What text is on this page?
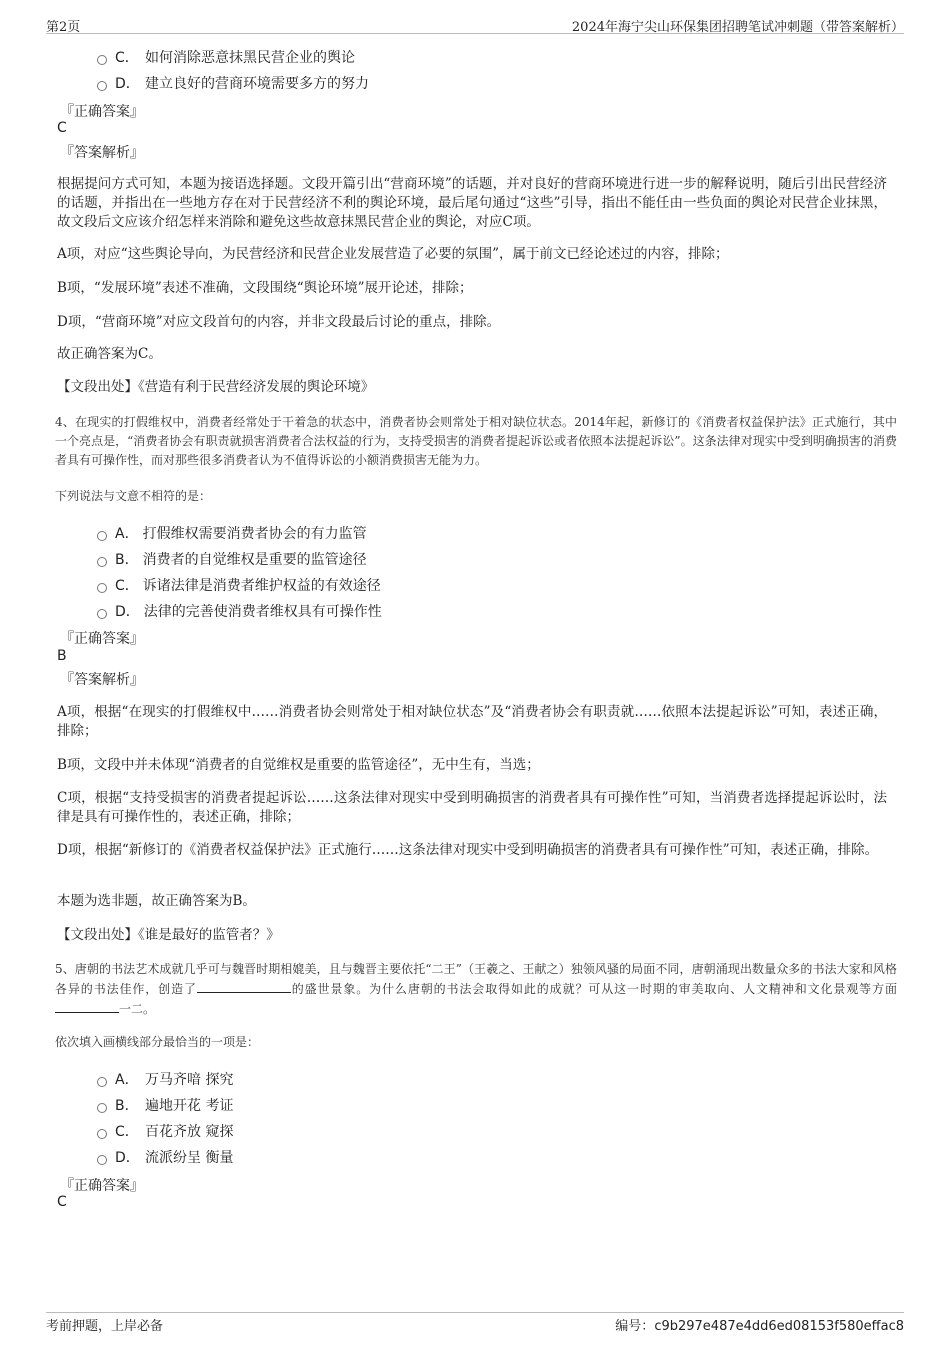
第2页	2024年海宁尖山环保集团招聘笔试冲刺题（带答案解析）
C． 如何消除恶意抹黑民营企业的舆论
D． 建立良好的营商环境需要多方的努力
『正确答案』
C
『答案解析』
根据提问方式可知，本题为接语选择题。文段开篇引出“营商环境”的话题，并对良好的营商环境进行进一步的解释说明，随后引出民营经济的话题，并指出在一些地方存在对于民营经济不利的舆论环境，最后尾句通过“这些”引导，指出不能任由一些负面的舆论对民营企业抹黑，故文段后文应该介绍怎样来消除和避免这些故意抹黑民营企业的舆论，对应C项。
A项，对应“这些舆论导向，为民营经济和民营企业发展营造了必要的氛围”，属于前文已经论述过的内容，排除；
B项，“发展环境”表述不准确，文段围绕“舆论环境”展开论述，排除；
D项，“营商环境”对应文段首句的内容，并非文段最后讨论的重点，排除。
故正确答案为C。
【文段出处】《营造有利于民营经济发展的舆论环境》
4、在现实的打假维权中，消费者经常处于干着急的状态中，消费者协会则常处于相对缺位状态。2014年起，新修订的《消费者权益保护法》正式施行，其中一个亮点是，“消费者协会有职责就损害消费者合法权益的行为，支持受损害的消费者提起诉讼或者依照本法提起诉讼”。这条法律对现实中受到明确损害的消费者具有可操作性，而对那些很多消费者认为不值得诉讼的小额消费损害无能为力。
下列说法与文意不相符的是：
A． 打假维权需要消费者协会的有力监管
B． 消费者的自觉维权是重要的监管途径
C． 诉诸法律是消费者维护权益的有效途径
D． 法律的完善使消费者维权具有可操作性
『正确答案』
B
『答案解析』
A项，根据“在现实的打假维权中……消费者协会则常处于相对缺位状态”及“消费者协会有职责就……依照本法提起诉讼”可知，表述正确，排除；
B项，文段中并未体现“消费者的自觉维权是重要的监管途径”，无中生有，当选；
C项，根据“支持受损害的消费者提起诉讼……这条法律对现实中受到明确损害的消费者具有可操作性”可知，当消费者选择提起诉讼时，法律是具有可操作性的，表述正确，排除；
D项，根据“新修订的《消费者权益保护法》正式施行……这条法律对现实中受到明确损害的消费者具有可操作性”可知，表述正确，排除。
本题为选非题，故正确答案为B。
【文段出处】《谁是最好的监管者？》
5、唐朝的书法艺术成就几乎可与魏晋时期相媲美，且与魏晋主要依托“二王”（王羲之、王献之）独领风骚的局面不同，唐朝涌现出数量众多的书法大家和风格各异的书法佳作，创造了	的盛世景象。为什么唐朝的书法会取得如此的成就？可从这一时期的审美取向、人文精神和文化景观等方面一二。
依次填入画横线部分最恰当的一项是：
A． 万马齐喑 探究
B． 遍地开花 考证
C． 百花齐放 窥探
D． 流派纷呈 衡量
『正确答案』
C
考前押题，上岸必备	编号：c9b297e487e4dd6ed08153f580effac8
